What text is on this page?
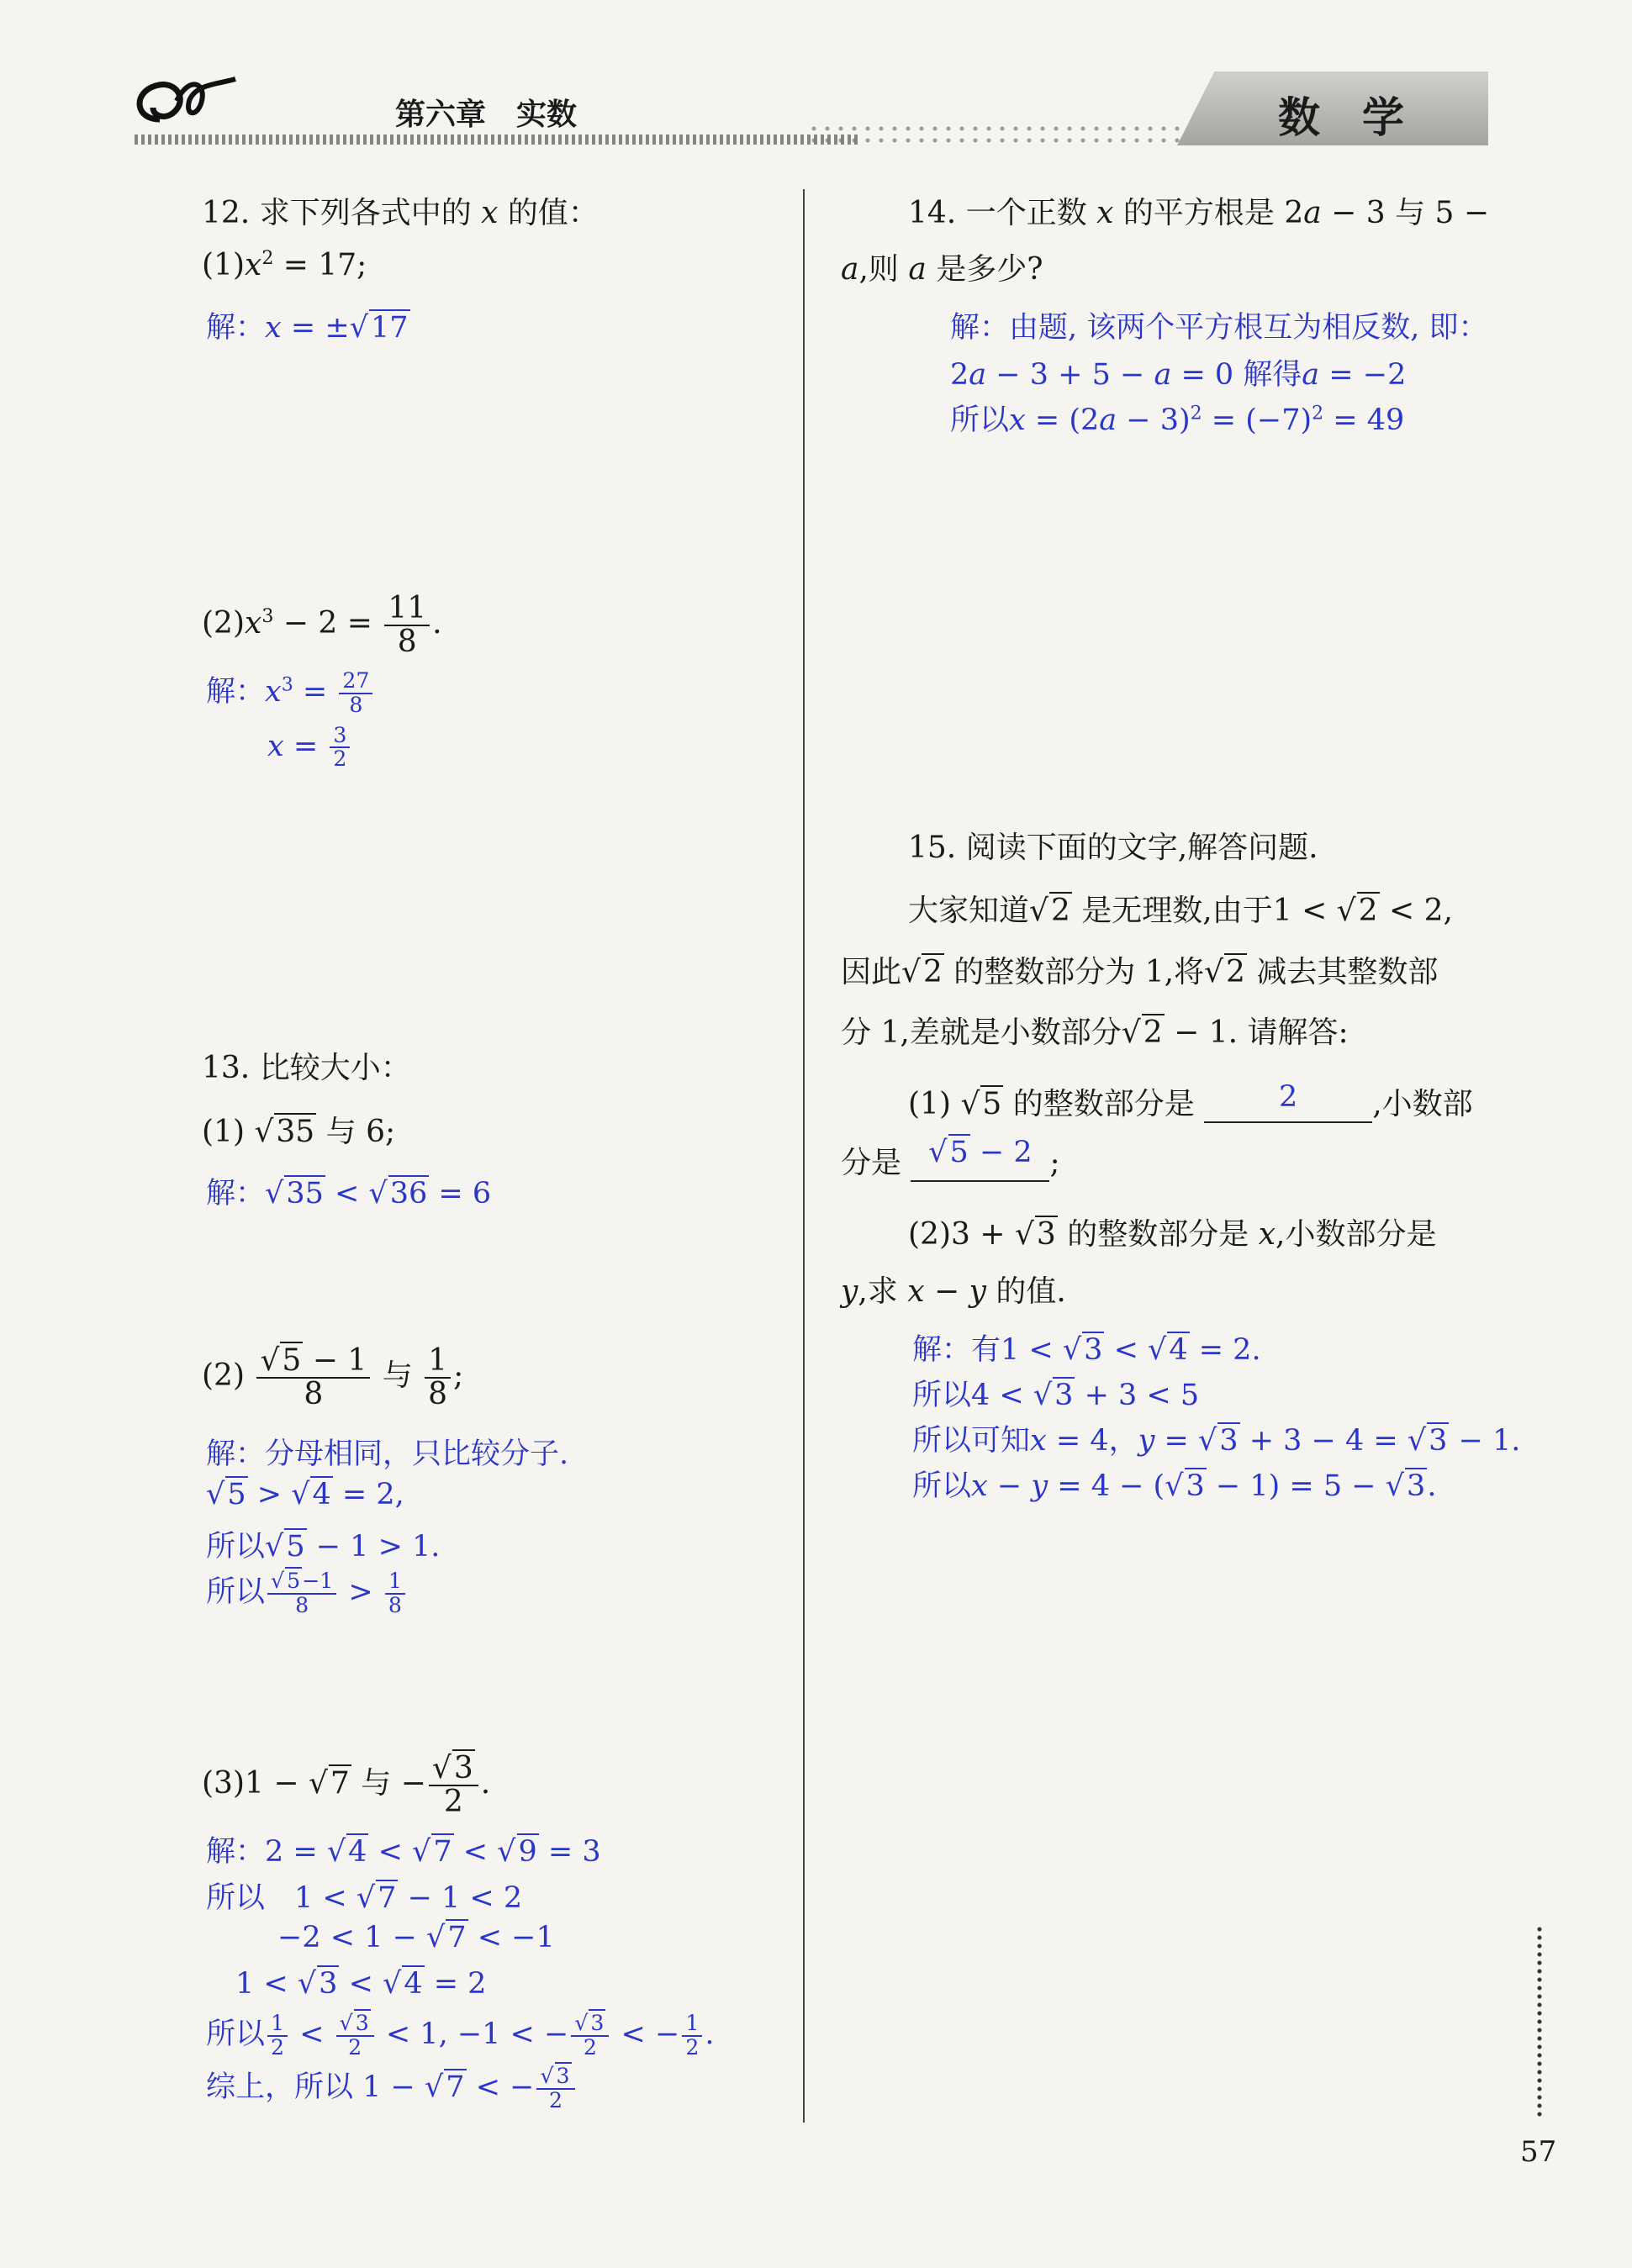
第六章　实数	数　学
12. 求下列各式中的 x 的值：
$(1)x^2 = 17$;
解：x = ±√17
$(2)x^3 - 2 = \frac{11}{8}$ .
解：$x^3 = \frac{27}{8}$
$x = \frac{3}{2}$
13. 比较大小：
(1) √35 与 6;
解：√35 < √36 = 6
$(2) \frac{√5 - 1}{8}$ 与 $\frac{1}{8}$ ;
解：分母相同，只比较分子.
√5 > √4 = 2,
所以√5 − 1 > 1.
所以 $\frac{√ 5-1}{8} > \frac{1}{8}$
(3)1 − √7 与 − $\frac{√3}{2}$ .
解：2 = √4 < √7 < √9 = 3
所以　1 < √7 − 1 < 2
−2 < 1 − √7 < −1
1 < √3 < √4 = 2
所以 $\frac{1}{2} < \frac{√ 3}{2} < 1$, −1 < − $\frac{√ 3}{2}$ < − $\frac{1}{2}$ .
综上，所以 1 − √7 < − $\frac{√ 3}{2}$
14. 一个正数 x 的平方根是 2a − 3 与 5 −
a,则 a 是多少?
解：由题, 该两个平方根互为相反数, 即：
2a − 3 + 5 − a = 0 解得a = −2
所以$x = (2a - 3)^2 = (-7)^2 = 49$
15. 阅读下面的文字,解答问题.
大家知道√2 是无理数,由于1 < √2 < 2,
因此√2 的整数部分为 1,将√2 减去其整数部
分 1,差就是小数部分√2 − 1. 请解答:
(1) √5 的整数部分是	2	,小数部
分是 √5 − 2 ;
(2)3 + √3 的整数部分是 x,小数部分是
y,求 x − y 的值.
解：有1 < √3 < √4 = 2.
所以4 < √3 + 3 < 5
所以可知x = 4，y = √3 + 3 − 4 = √3 − 1.
所以x − y = 4 − (√3 − 1) = 5 − √3.
57
